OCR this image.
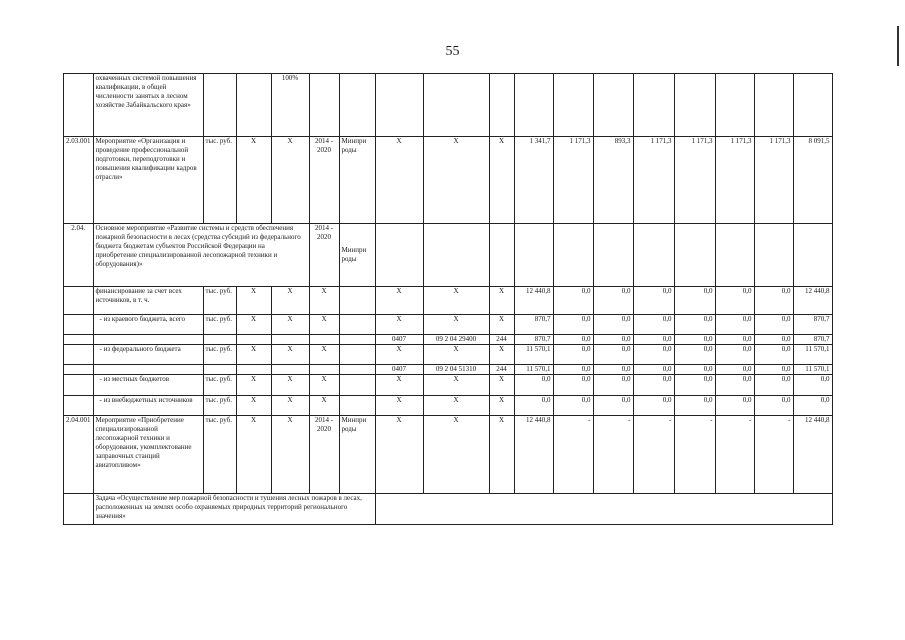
55
	охваченных системой повышения квалификации, в общей численности занятых в лесном хозяйстве Забайкальского края»			100%													
2.03.001	Мероприятие «Организация и проведение профессиональной подготовки, переподготовки и повышения квалификации кадров отрасли»	тыс. руб.	Х	Х	2014 - 2020	Минпри роды	Х	Х	Х	1 341,7	1 171,3	893,3	1 171,3	1 171,3	1 171,3	1 171,3	8 091,5
2.04.	Основное мероприятие «Развитие системы и средств обеспечения пожарной безопасности в лесах (средства субсидий из федерального бюджета бюджетам субъектов Российской Федерации на приобретение специализированной лесопожарной техники и оборудования)»				2014 - 2020	Минпри роды											
	финансирование за счет всех источников, в т. ч.	тыс. руб.	Х	Х	Х		Х	Х	Х	12 440,8	0,0	0,0	0,0	0,0	0,0	0,0	12 440,8
	- из краевого бюджета, всего	тыс. руб.	Х	Х	Х		Х	Х	Х	870,7	0,0	0,0	0,0	0,0	0,0	0,0	870,7
							0407	09 2 04 29400	244	870,7	0,0	0,0	0,0	0,0	0,0	0,0	870,7
	- из федерального бюджета	тыс. руб.	Х	Х	Х		Х	Х	Х	11 570,1	0,0	0,0	0,0	0,0	0,0	0,0	11 570,1
							0407	09 2 04 51310	244	11 570,1	0,0	0,0	0,0	0,0	0,0	0,0	11 570,1
	- из местных бюджетов	тыс. руб.	Х	Х	Х		Х	Х	Х	0,0	0,0	0,0	0,0	0,0	0,0	0,0	0,0
	- из внебюджетных источников	тыс. руб.	Х	Х	Х		Х	Х	Х	0,0	0,0	0,0	0,0	0,0	0,0	0,0	0,0
2.04.001	Мероприятие «Приобретение специализированной лесопожарной техники и оборудования, укомплектование заправочных станций авиатопливом»	тыс. руб.	Х	Х	2014 - 2020	Минпри роды	Х	Х	Х	12 440,8	-	-	-	-	-	-	12 440,8
	Задача «Осуществление мер пожарной безопасности и тушения лесных пожаров в лесах, расположенных на землях особо охраняемых природных территорий регионального значения»																
